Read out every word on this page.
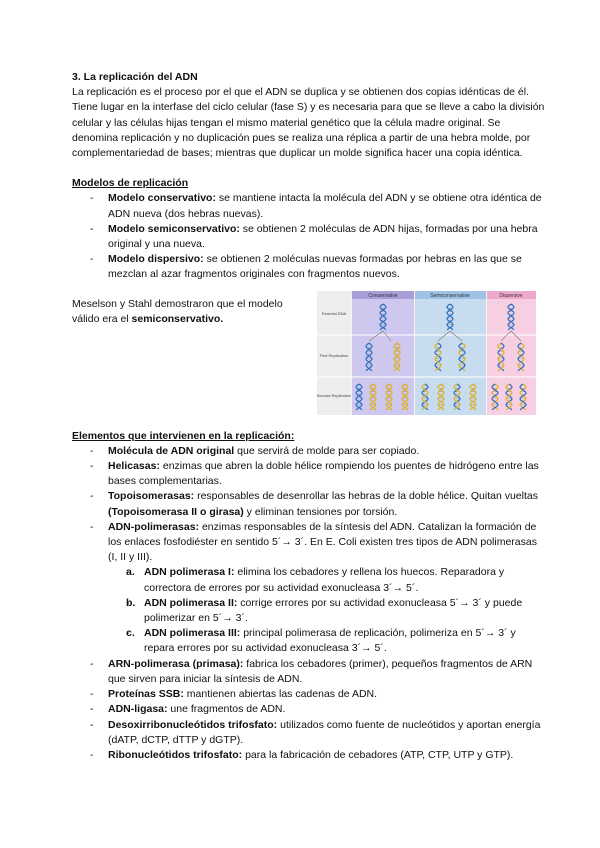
3. La replicación del ADN

La replicación es el proceso por el que el ADN se duplica y se obtienen dos copias idénticas de él. Tiene lugar en la interfase del ciclo celular (fase S) y es necesaria para que se lleve a cabo la división celular y las células hijas tengan el mismo material genético que la célula madre original. Se denomina replicación y no duplicación pues se realiza una réplica a partir de una hebra molde, por complementariedad de bases; mientras que duplicar un molde significa hacer una copia idéntica.

Modelos de replicación

- Modelo conservativo: se mantiene intacta la molécula del ADN y se obtiene otra idéntica de ADN nueva (dos hebras nuevas).
- Modelo semiconservativo: se obtienen 2 moléculas de ADN hijas, formadas por una hebra original y una nueva.
- Modelo dispersivo: se obtienen 2 moléculas nuevas formadas por hebras en las que se mezclan al azar fragmentos originales con fragmentos nuevos.

Meselson y Stahl demostraron que el modelo válido era el semiconservativo.

Conservative	Semiconservative	Dispersive
Parental DNA
First Replication
Second Replication

Elementos que intervienen en la replicación:

- Molécula de ADN original que servirá de molde para ser copiado.
- Helicasas: enzimas que abren la doble hélice rompiendo los puentes de hidrógeno entre las bases complementarias.
- Topoisomerasas: responsables de desenrollar las hebras de la doble hélice. Quitan vueltas (Topoisomerasa II o girasa) y eliminan tensiones por torsión.
- ADN-polimerasas: enzimas responsables de la síntesis del ADN. Catalizan la formación de los enlaces fosfodiéster en sentido 5´→ 3´. En E. Coli existen tres tipos de ADN polimerasas (I, II y III).
- a. ADN polimerasa I: elimina los cebadores y rellena los huecos. Reparadora y correctora de errores por su actividad exonucleasa 3´→ 5´.
- b. ADN polimerasa II: corrige errores por su actividad exonucleasa 5´→ 3´ y puede polimerizar en 5´→ 3´.
- c. ADN polimerasa III: principal polimerasa de replicación, polimeriza en 5´→ 3´ y repara errores por su actividad exonucleasa 3´→ 5´.
- ARN-polimerasa (primasa): fabrica los cebadores (primer), pequeños fragmentos de ARN que sirven para iniciar la síntesis de ADN.
- Proteínas SSB: mantienen abiertas las cadenas de ADN.
- ADN-ligasa: une fragmentos de ADN.
- Desoxirribonucleótidos trifosfato: utilizados como fuente de nucleótidos y aportan energía (dATP, dCTP, dTTP y dGTP).
- Ribonucleótidos trifosfato: para la fabricación de cebadores (ATP, CTP, UTP y GTP).
